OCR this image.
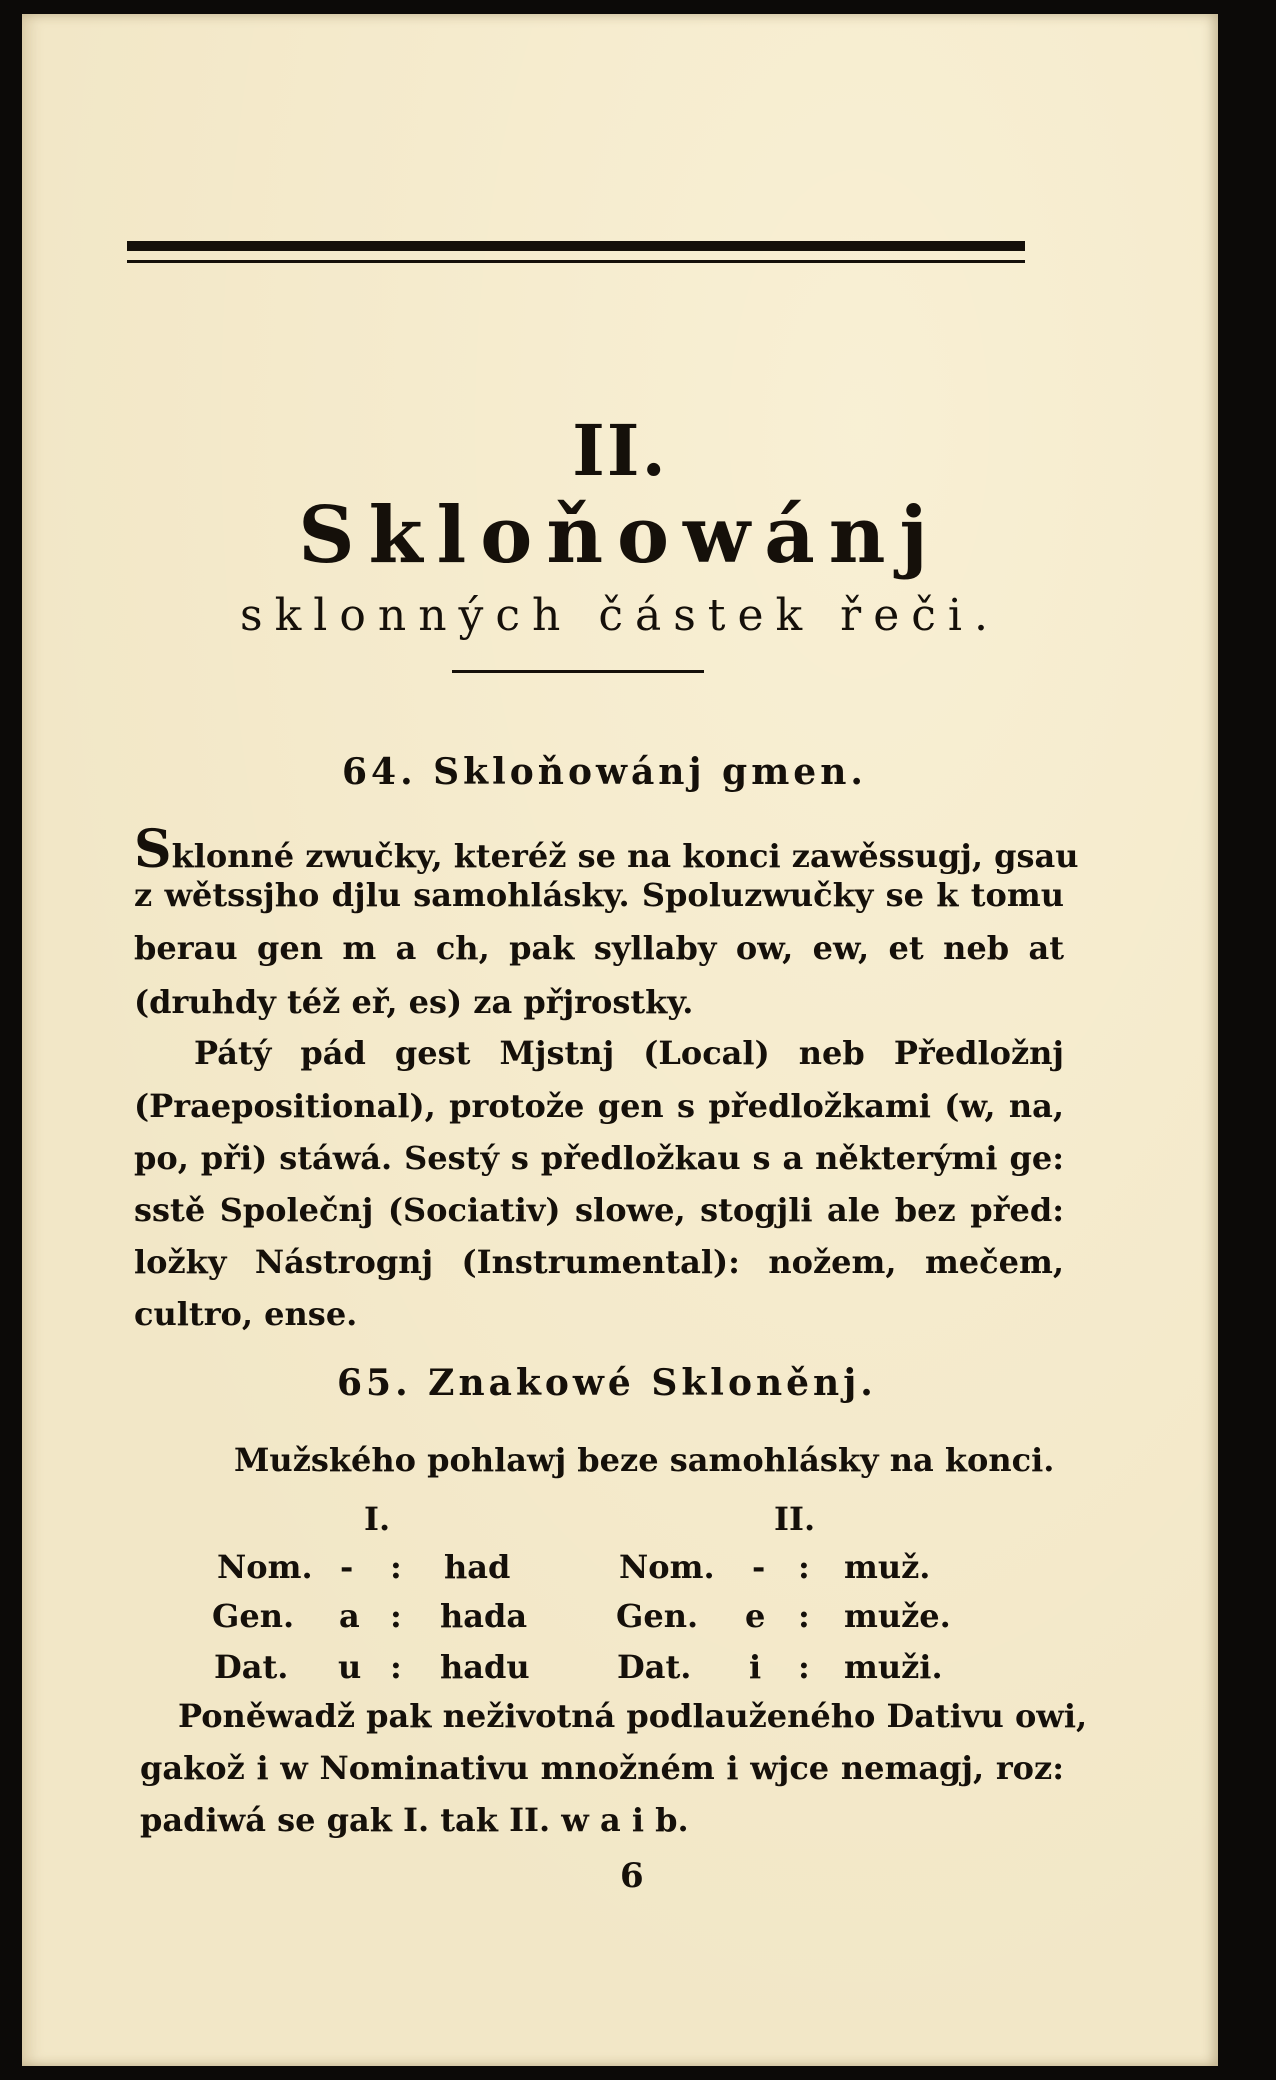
II.
Skloňowánj
sklonných částek řeči.
64. Skloňowánj gmen.
Sklonné zwučky, kteréž se na konci zawěssugj, gsau
z wětssjho djlu samohlásky. Spoluzwučky se k tomu
berau gen m a ch, pak syllaby ow, ew, et neb at
(druhdy též eř, es) za přjrostky.
Pátý pád gest Mjstnj (Local) neb Předložnj
(Praepositional), protože gen s předložkami (w, na,
po, při) stáwá. Sestý s předložkau s a některými ge:
sstě Společnj (Sociativ) slowe, stogjli ale bez před:
ložky Nástrognj (Instrumental): nožem, mečem,
cultro, ense.
65. Znakowé Skloněnj.
Mužského pohlawj beze samohlásky na konci.
I.	II.
Nom. - : had
Gen. a : hada
Dat. u : hadu
Nom. - : muž.
Gen. e : muže.
Dat. i : muži.
Poněwadž pak neživotná podlauženého Dativu owi,
gakož i w Nominativu množném i wjce nemagj, roz:
padiwá se gak I. tak II. w a i b.
6
